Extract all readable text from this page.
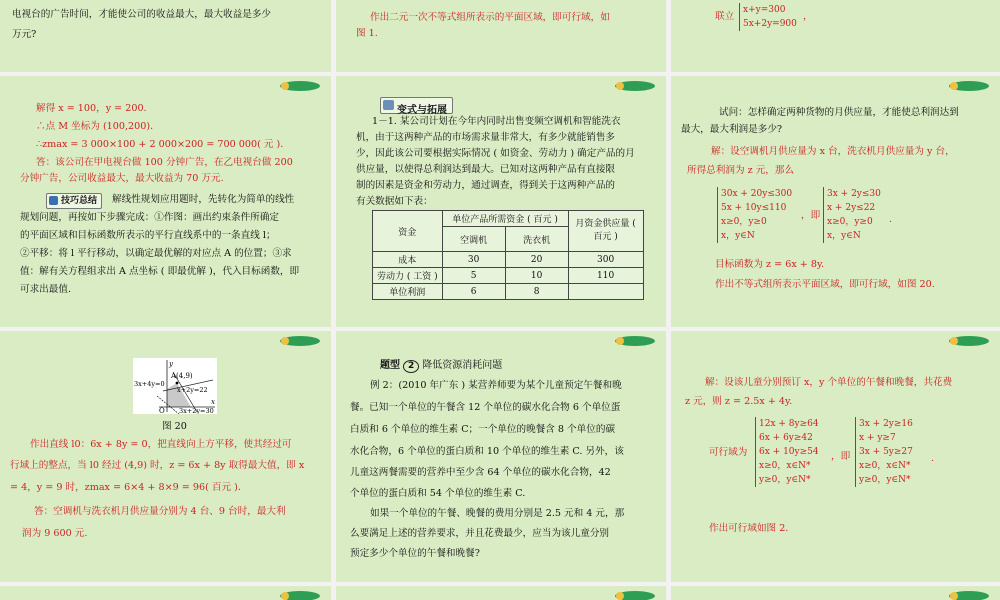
电视台的广告时间，才能使公司的收益最大，最大收益是多少
万元?
作出二元一次不等式组所表示的平面区域，即可行域，如
图 1.
联立
x+y=300
5x+2y=900
，
解得 x = 100，y = 200.
∴点 M 坐标为 (100,200)．
∴zmax = 3 000×100 + 2 000×200 = 700 000( 元 )．
答：该公司在甲电视台做 100 分钟广告，在乙电视台做 200
分钟广告，公司收益最大，最大收益为 70 万元.
技巧总结	解线性规划应用题时，先转化为简单的线性
规划问题，再按如下步骤完成：①作图：画出约束条件所确定
的平面区域和目标函数所表示的平行直线系中的一条直线 l；
②平移：将 l 平行移动，以确定最优解的对应点 A 的位置；③求
值：解有关方程组求出 A 点坐标 ( 即最优解 )，代入目标函数，即
可求出最值.
变式与拓展
1－1. 某公司计划在今年内同时出售变频空调机和智能洗衣
机，由于这两种产品的市场需求量非常大，有多少就能销售多
少，因此该公司要根据实际情况 ( 如资金、劳动力 ) 确定产品的月
供应量，以使得总利润达到最大。已知对这两种产品有直接限
制的因素是资金和劳动力，通过调查，得到关于这两种产品的
有关数据如下表：
资金	单位产品所需资金 ( 百元 )		月资金供应量 ( 百元 )
	空调机	洗衣机	
成本	30	20	300
劳动力 ( 工资 )	5	10	110
单位利润	6	8	
试问：怎样确定两种货物的月供应量，才能使总利润达到
最大，最大利润是多少?
解：设空调机月供应量为 x 台，洗衣机月供应量为 y 台，
所得总利润为 z 元，那么
30x + 20y≤300
5x + 10y≤110
x≥0，y≥0
x，y∈N
，即
3x + 2y≤30
x + 2y≤22
x≥0，y≥0
x，y∈N
.
目标函数为 z = 6x + 8y.
作出不等式组所表示平面区域，即可行域，如图 20.
A(4,9)
3x+4y=0
x+2y=22
3x+2y=30
O
x
y
图 20
作出直线 l0：6x + 8y = 0，把直线向上方平移，使其经过可
行域上的整点，当 l0 经过 (4,9) 时，z = 6x + 8y 取得最大值，即 x
= 4，y = 9 时，zmax = 6×4 + 8×9 = 96( 百元 )．
答：空调机与洗衣机月供应量分别为 4 台、9 台时，最大利
润为 9 600 元.
题型 2 降低资源消耗问题
例 2：(2010 年广东 ) 某营养师要为某个儿童预定午餐和晚
餐。已知一个单位的午餐含 12 个单位的碳水化合物 6 个单位蛋
白质和 6 个单位的维生素 C；一个单位的晚餐含 8 个单位的碳
水化合物，6 个单位的蛋白质和 10 个单位的维生素 C. 另外，该
儿童这两餐需要的营养中至少含 64 个单位的碳水化合物，42
个单位的蛋白质和 54 个单位的维生素 C.
如果一个单位的午餐、晚餐的费用分别是 2.5 元和 4 元，那
么要满足上述的营养要求，并且花费最少，应当为该儿童分别
预定多少个单位的午餐和晚餐?
解：设该儿童分别预订 x，y 个单位的午餐和晚餐，共花费
z 元，则 z = 2.5x + 4y.
可行域为
12x + 8y≥64
6x + 6y≥42
6x + 10y≥54
x≥0，x∈N*
y≥0，y∈N*
，即
3x + 2y≥16
x + y≥7
3x + 5y≥27
x≥0，x∈N*
y≥0，y∈N*
.
作出可行域如图 2.
